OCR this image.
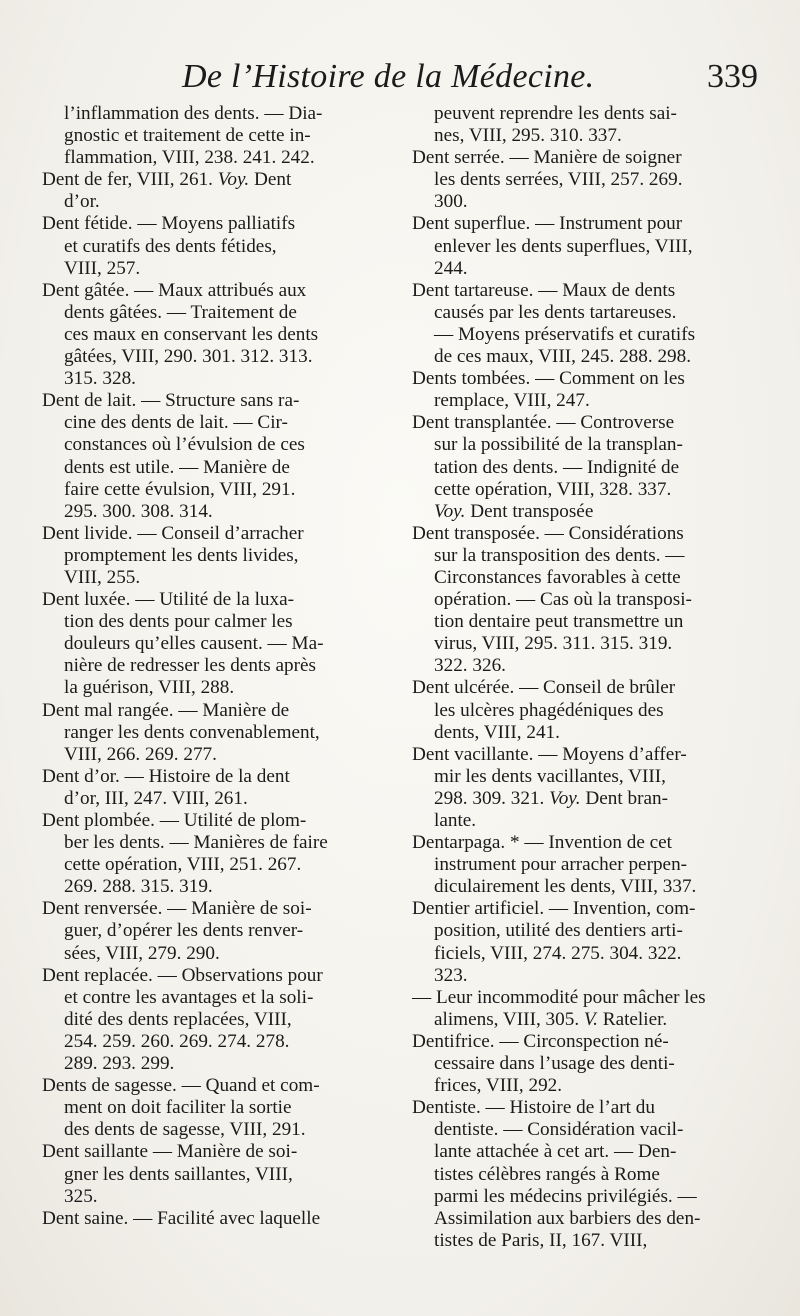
De l’Histoire de la Médecine.	339
l’inflammation des dents. — Dia-
gnostic et traitement de cette in-
flammation, VIII, 238. 241. 242.
Dent de fer, VIII, 261. Voy. Dent
d’or.
Dent fétide. — Moyens palliatifs
et curatifs des dents fétides,
VIII, 257.
Dent gâtée. — Maux attribués aux
dents gâtées. — Traitement de
ces maux en conservant les dents
gâtées, VIII, 290. 301. 312. 313.
315. 328.
Dent de lait. — Structure sans ra-
cine des dents de lait. — Cir-
constances où l’évulsion de ces
dents est utile. — Manière de
faire cette évulsion, VIII, 291.
295. 300. 308. 314.
Dent livide. — Conseil d’arracher
promptement les dents livides,
VIII, 255.
Dent luxée. — Utilité de la luxa-
tion des dents pour calmer les
douleurs qu’elles causent. — Ma-
nière de redresser les dents après
la guérison, VIII, 288.
Dent mal rangée. — Manière de
ranger les dents convenablement,
VIII, 266. 269. 277.
Dent d’or. — Histoire de la dent
d’or, III, 247. VIII, 261.
Dent plombée. — Utilité de plom-
ber les dents. — Manières de faire
cette opération, VIII, 251. 267.
269. 288. 315. 319.
Dent renversée. — Manière de soi-
guer, d’opérer les dents renver-
sées, VIII, 279. 290.
Dent replacée. — Observations pour
et contre les avantages et la soli-
dité des dents replacées, VIII,
254. 259. 260. 269. 274. 278.
289. 293. 299.
Dents de sagesse. — Quand et com-
ment on doit faciliter la sortie
des dents de sagesse, VIII, 291.
Dent saillante — Manière de soi-
gner les dents saillantes, VIII,
325.
Dent saine. — Facilité avec laquelle
peuvent reprendre les dents sai-
nes, VIII, 295. 310. 337.
Dent serrée. — Manière de soigner
les dents serrées, VIII, 257. 269.
300.
Dent superflue. — Instrument pour
enlever les dents superflues, VIII,
244.
Dent tartareuse. — Maux de dents
causés par les dents tartareuses.
— Moyens préservatifs et curatifs
de ces maux, VIII, 245. 288. 298.
Dents tombées. — Comment on les
remplace, VIII, 247.
Dent transplantée. — Controverse
sur la possibilité de la transplan-
tation des dents. — Indignité de
cette opération, VIII, 328. 337.
Voy. Dent transposée
Dent transposée. — Considérations
sur la transposition des dents. —
Circonstances favorables à cette
opération. — Cas où la transposi-
tion dentaire peut transmettre un
virus, VIII, 295. 311. 315. 319.
322. 326.
Dent ulcérée. — Conseil de brûler
les ulcères phagédéniques des
dents, VIII, 241.
Dent vacillante. — Moyens d’affer-
mir les dents vacillantes, VIII,
298. 309. 321. Voy. Dent bran-
lante.
Dentarpaga. * — Invention de cet
instrument pour arracher perpen-
diculairement les dents, VIII, 337.
Dentier artificiel. — Invention, com-
position, utilité des dentiers arti-
ficiels, VIII, 274. 275. 304. 322.
323.
— Leur incommodité pour mâcher les
alimens, VIII, 305. V. Ratelier.
Dentifrice. — Circonspection né-
cessaire dans l’usage des denti-
frices, VIII, 292.
Dentiste. — Histoire de l’art du
dentiste. — Considération vacil-
lante attachée à cet art. — Den-
tistes célèbres rangés à Rome
parmi les médecins privilégiés. —
Assimilation aux barbiers des den-
tistes de Paris, II, 167. VIII,
